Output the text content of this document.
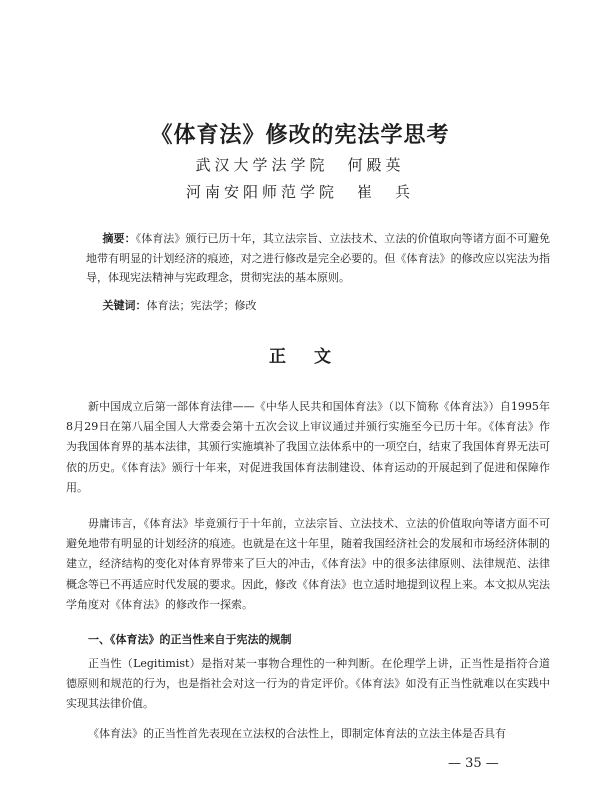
《体育法》修改的宪法学思考
武汉大学法学院　何殿英
河南安阳师范学院　崔　兵
摘要：《体育法》颁行已历十年，其立法宗旨、立法技术、立法的价值取向等诸方面不可避免地带有明显的计划经济的痕迹，对之进行修改是完全必要的。但《体育法》的修改应以宪法为指导，体现宪法精神与宪政理念，贯彻宪法的基本原则。
关键词：体育法；宪法学；修改
正文

新中国成立后第一部体育法律——《中华人民共和国体育法》（以下简称《体育法》）自1995年8月29日在第八届全国人大常委会第十五次会议上审议通过并颁行实施至今已历十年。《体育法》作为我国体育界的基本法律，其颁行实施填补了我国立法体系中的一项空白，结束了我国体育界无法可依的历史。《体育法》颁行十年来，对促进我国体育法制建设、体育运动的开展起到了促进和保障作用。

毋庸讳言，《体育法》毕竟颁行于十年前，立法宗旨、立法技术、立法的价值取向等诸方面不可避免地带有明显的计划经济的痕迹。也就是在这十年里，随着我国经济社会的发展和市场经济体制的建立，经济结构的变化对体育界带来了巨大的冲击，《体育法》中的很多法律原则、法律规范、法律概念等已不再适应时代发展的要求。因此，修改《体育法》也立适时地提到议程上来。本文拟从宪法学角度对《体育法》的修改作一探索。

一、《体育法》的正当性来自于宪法的规制

正当性（Legitimist）是指对某一事物合理性的一种判断。在伦理学上讲，正当性是指符合道德原则和规范的行为，也是指社会对这一行为的肯定评价。《体育法》如没有正当性就难以在实践中实现其法律价值。

《体育法》的正当性首先表现在立法权的合法性上，即制定体育法的立法主体是否具有

— 35 —
